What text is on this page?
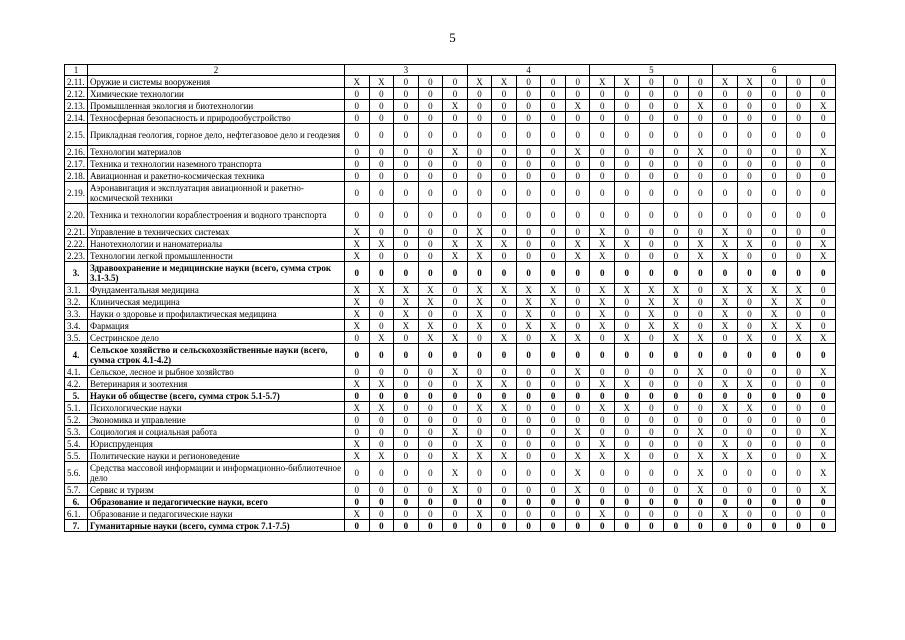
5
1	2	3					4					5					6				
2.11.	Оружие и системы вооружения	X	X	0	0	0	X	X	0	0	0	X	X	0	0	0	X	X	0	0	0
2.12.	Химические технологии	0	0	0	0	0	0	0	0	0	0	0	0	0	0	0	0	0	0	0	0
2.13.	Промышленная экология и биотехнологии	0	0	0	0	X	0	0	0	0	X	0	0	0	0	X	0	0	0	0	X
2.14.	Техносферная безопасность и природообустройство	0	0	0	0	0	0	0	0	0	0	0	0	0	0	0	0	0	0	0	0
2.15.	Прикладная геология, горное дело, нефтегазовое дело и геодезия	0	0	0	0	0	0	0	0	0	0	0	0	0	0	0	0	0	0	0	0
2.16.	Технологии материалов	0	0	0	0	X	0	0	0	0	X	0	0	0	0	X	0	0	0	0	X
2.17.	Техника и технологии наземного транспорта	0	0	0	0	0	0	0	0	0	0	0	0	0	0	0	0	0	0	0	0
2.18.	Авиационная и ракетно-космическая техника	0	0	0	0	0	0	0	0	0	0	0	0	0	0	0	0	0	0	0	0
2.19.	Аэронавигация и эксплуатация авиационной и ракетно-космической техники	0	0	0	0	0	0	0	0	0	0	0	0	0	0	0	0	0	0	0	0
2.20.	Техника и технологии кораблестроения и водного транспорта	0	0	0	0	0	0	0	0	0	0	0	0	0	0	0	0	0	0	0	0
2.21.	Управление в технических системах	X	0	0	0	0	X	0	0	0	0	X	0	0	0	0	X	0	0	0	0
2.22.	Нанотехнологии и наноматериалы	X	X	0	0	X	X	X	0	0	X	X	X	0	0	X	X	X	0	0	X
2.23.	Технологии легкой промышленности	X	0	0	0	X	X	0	0	0	X	X	0	0	0	X	X	0	0	0	X
3.	Здравоохранение и медицинские науки (всего, сумма строк 3.1-3.5)	0	0	0	0	0	0	0	0	0	0	0	0	0	0	0	0	0	0	0	0
3.1.	Фундаментальная медицина	X	X	X	X	0	X	X	X	X	0	X	X	X	X	0	X	X	X	X	0
3.2.	Клиническая медицина	X	0	X	X	0	X	0	X	X	0	X	0	X	X	0	X	0	X	X	0
3.3.	Науки о здоровье и профилактическая медицина	X	0	X	0	0	X	0	X	0	0	X	0	X	0	0	X	0	X	0	0
3.4.	Фармация	X	0	X	X	0	X	0	X	X	0	X	0	X	X	0	X	0	X	X	0
3.5.	Сестринское дело	0	X	0	X	X	0	X	0	X	X	0	X	0	X	X	0	X	0	X	X
4.	Сельское хозяйство и сельскохозяйственные науки (всего, сумма строк 4.1-4.2)	0	0	0	0	0	0	0	0	0	0	0	0	0	0	0	0	0	0	0	0
4.1.	Сельское, лесное и рыбное хозяйство	0	0	0	0	X	0	0	0	0	X	0	0	0	0	X	0	0	0	0	X
4.2.	Ветеринария и зоотехния	X	X	0	0	0	X	X	0	0	0	X	X	0	0	0	X	X	0	0	0
5.	Науки об обществе (всего, сумма строк 5.1-5.7)	0	0	0	0	0	0	0	0	0	0	0	0	0	0	0	0	0	0	0	0
5.1.	Психологические науки	X	X	0	0	0	X	X	0	0	0	X	X	0	0	0	X	X	0	0	0
5.2.	Экономика и управление	0	0	0	0	0	0	0	0	0	0	0	0	0	0	0	0	0	0	0	0
5.3.	Социология и социальная работа	0	0	0	0	X	0	0	0	0	X	0	0	0	0	X	0	0	0	0	X
5.4.	Юриспруденция	X	0	0	0	0	X	0	0	0	0	X	0	0	0	0	X	0	0	0	0
5.5.	Политические науки и регионоведение	X	X	0	0	X	X	X	0	0	X	X	X	0	0	X	X	X	0	0	X
5.6.	Средства массовой информации и информационно-библиотечное дело	0	0	0	0	X	0	0	0	0	X	0	0	0	0	X	0	0	0	0	X
5.7.	Сервис и туризм	0	0	0	0	X	0	0	0	0	X	0	0	0	0	X	0	0	0	0	X
6.	Образование и педагогические науки, всего	0	0	0	0	0	0	0	0	0	0	0	0	0	0	0	0	0	0	0	0
6.1.	Образование и педагогические науки	X	0	0	0	0	X	0	0	0	0	X	0	0	0	0	X	0	0	0	0
7.	Гуманитарные науки (всего, сумма строк 7.1-7.5)	0	0	0	0	0	0	0	0	0	0	0	0	0	0	0	0	0	0	0	0
